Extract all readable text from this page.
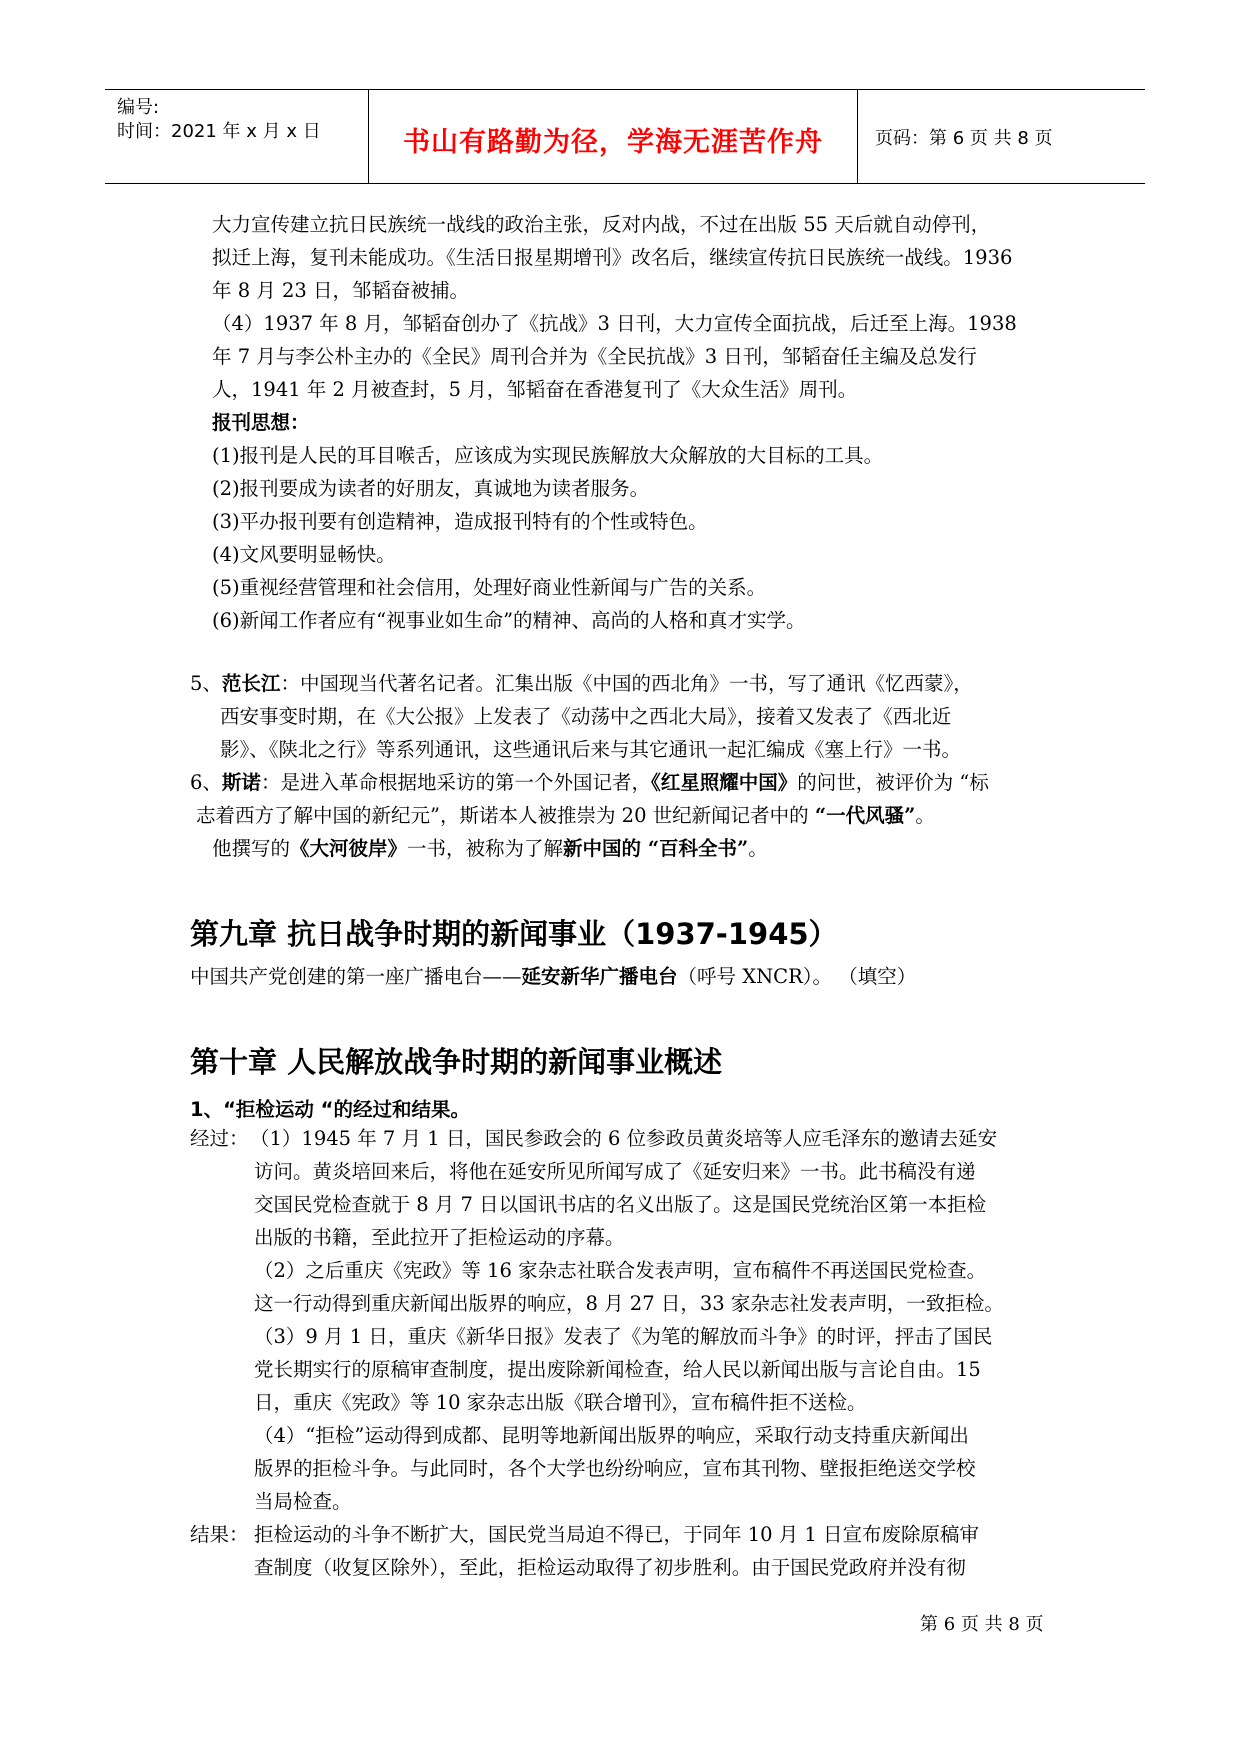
编号:
时间：2021 年 x 月 x 日	书山有路勤为径，学海无涯苦作舟	页码：第 6 页 共 8 页
大力宣传建立抗日民族统一战线的政治主张，反对内战，不过在出版 55 天后就自动停刊，
拟迁上海，复刊未能成功。《生活日报星期增刊》改名后，继续宣传抗日民族统一战线。1936
年 8 月 23 日，邹韬奋被捕。
（4）1937 年 8 月，邹韬奋创办了《抗战》3 日刊，大力宣传全面抗战，后迁至上海。1938
年 7 月与李公朴主办的《全民》周刊合并为《全民抗战》3 日刊，邹韬奋任主编及总发行
人，1941 年 2 月被查封，5 月，邹韬奋在香港复刊了《大众生活》周刊。
报刊思想：
(1)报刊是人民的耳目喉舌，应该成为实现民族解放大众解放的大目标的工具。
(2)报刊要成为读者的好朋友，真诚地为读者服务。
(3)平办报刊要有创造精神，造成报刊特有的个性或特色。
(4)文风要明显畅快。
(5)重视经营管理和社会信用，处理好商业性新闻与广告的关系。
(6)新闻工作者应有“视事业如生命”的精神、高尚的人格和真才实学。
5、范长江：中国现当代著名记者。汇集出版《中国的西北角》一书，写了通讯《忆西蒙》，
西安事变时期，在《大公报》上发表了《动荡中之西北大局》，接着又发表了《西北近
影》、《陕北之行》等系列通讯，这些通讯后来与其它通讯一起汇编成《塞上行》一书。
6、斯诺：是进入革命根据地采访的第一个外国记者，《红星照耀中国》的问世，被评价为 “标
志着西方了解中国的新纪元”，斯诺本人被推崇为 20 世纪新闻记者中的 “一代风骚”。
他撰写的《大河彼岸》一书，被称为了解新中国的 “百科全书”。
第九章 抗日战争时期的新闻事业（1937-1945）
中国共产党创建的第一座广播电台——延安新华广播电台（呼号 XNCR）。 （填空）
第十章 人民解放战争时期的新闻事业概述
1、“拒检运动 “的经过和结果。
经过： （1）1945 年 7 月 1 日，国民参政会的 6 位参政员黄炎培等人应毛泽东的邀请去延安
访问。黄炎培回来后，将他在延安所见所闻写成了《延安归来》一书。此书稿没有递
交国民党检查就于 8 月 7 日以国讯书店的名义出版了。这是国民党统治区第一本拒检
出版的书籍，至此拉开了拒检运动的序幕。
（2）之后重庆《宪政》等 16 家杂志社联合发表声明，宣布稿件不再送国民党检查。
这一行动得到重庆新闻出版界的响应，8 月 27 日，33 家杂志社发表声明，一致拒检。
（3）9 月 1 日，重庆《新华日报》发表了《为笔的解放而斗争》的时评，抨击了国民
党长期实行的原稿审查制度，提出废除新闻检查，给人民以新闻出版与言论自由。15
日，重庆《宪政》等 10 家杂志出版《联合增刊》，宣布稿件拒不送检。
（4）“拒检”运动得到成都、昆明等地新闻出版界的响应，采取行动支持重庆新闻出
版界的拒检斗争。与此同时，各个大学也纷纷响应，宣布其刊物、壁报拒绝送交学校
当局检查。
结果： 拒检运动的斗争不断扩大，国民党当局迫不得已，于同年 10 月 1 日宣布废除原稿审
查制度（收复区除外），至此，拒检运动取得了初步胜利。由于国民党政府并没有彻
第 6 页 共 8 页
